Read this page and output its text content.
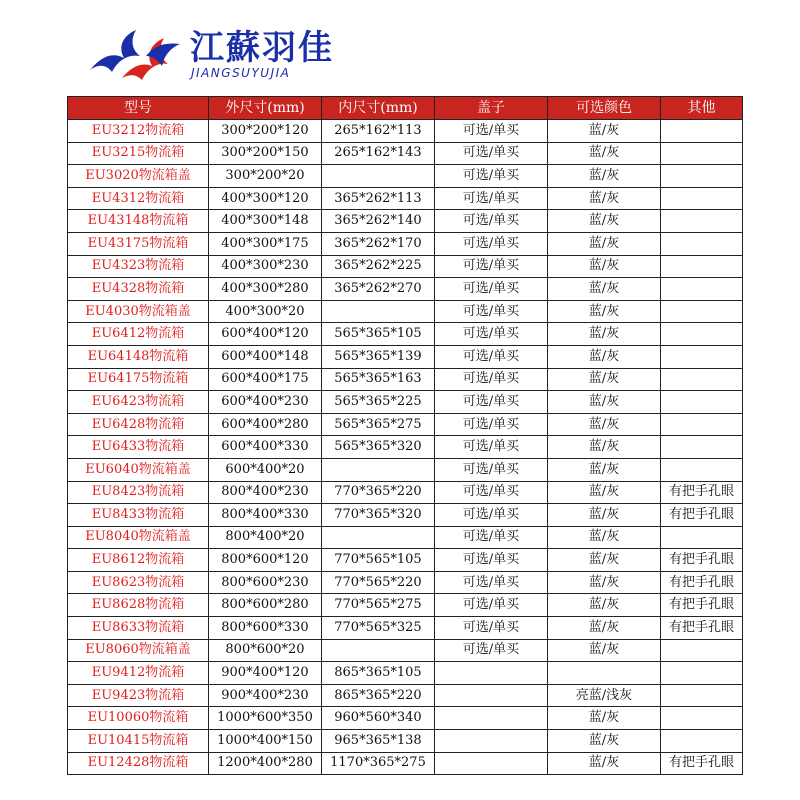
江蘇羽佳
JIANGSUYUJIA
型号	外尺寸(mm)	内尺寸(mm)	盖子	可选颜色	其他
EU3212物流箱	300*200*120	265*162*113	可选/单买	蓝/灰	
EU3215物流箱	300*200*150	265*162*143	可选/单买	蓝/灰	
EU3020物流箱盖	300*200*20		可选/单买	蓝/灰	
EU4312物流箱	400*300*120	365*262*113	可选/单买	蓝/灰	
EU43148物流箱	400*300*148	365*262*140	可选/单买	蓝/灰	
EU43175物流箱	400*300*175	365*262*170	可选/单买	蓝/灰	
EU4323物流箱	400*300*230	365*262*225	可选/单买	蓝/灰	
EU4328物流箱	400*300*280	365*262*270	可选/单买	蓝/灰	
EU4030物流箱盖	400*300*20		可选/单买	蓝/灰	
EU6412物流箱	600*400*120	565*365*105	可选/单买	蓝/灰	
EU64148物流箱	600*400*148	565*365*139	可选/单买	蓝/灰	
EU64175物流箱	600*400*175	565*365*163	可选/单买	蓝/灰	
EU6423物流箱	600*400*230	565*365*225	可选/单买	蓝/灰	
EU6428物流箱	600*400*280	565*365*275	可选/单买	蓝/灰	
EU6433物流箱	600*400*330	565*365*320	可选/单买	蓝/灰	
EU6040物流箱盖	600*400*20		可选/单买	蓝/灰	
EU8423物流箱	800*400*230	770*365*220	可选/单买	蓝/灰	有把手孔眼
EU8433物流箱	800*400*330	770*365*320	可选/单买	蓝/灰	有把手孔眼
EU8040物流箱盖	800*400*20		可选/单买	蓝/灰	
EU8612物流箱	800*600*120	770*565*105	可选/单买	蓝/灰	有把手孔眼
EU8623物流箱	800*600*230	770*565*220	可选/单买	蓝/灰	有把手孔眼
EU8628物流箱	800*600*280	770*565*275	可选/单买	蓝/灰	有把手孔眼
EU8633物流箱	800*600*330	770*565*325	可选/单买	蓝/灰	有把手孔眼
EU8060物流箱盖	800*600*20		可选/单买	蓝/灰	
EU9412物流箱	900*400*120	865*365*105			
EU9423物流箱	900*400*230	865*365*220		亮蓝/浅灰	
EU10060物流箱	1000*600*350	960*560*340		蓝/灰	
EU10415物流箱	1000*400*150	965*365*138		蓝/灰	
EU12428物流箱	1200*400*280	1170*365*275		蓝/灰	有把手孔眼
